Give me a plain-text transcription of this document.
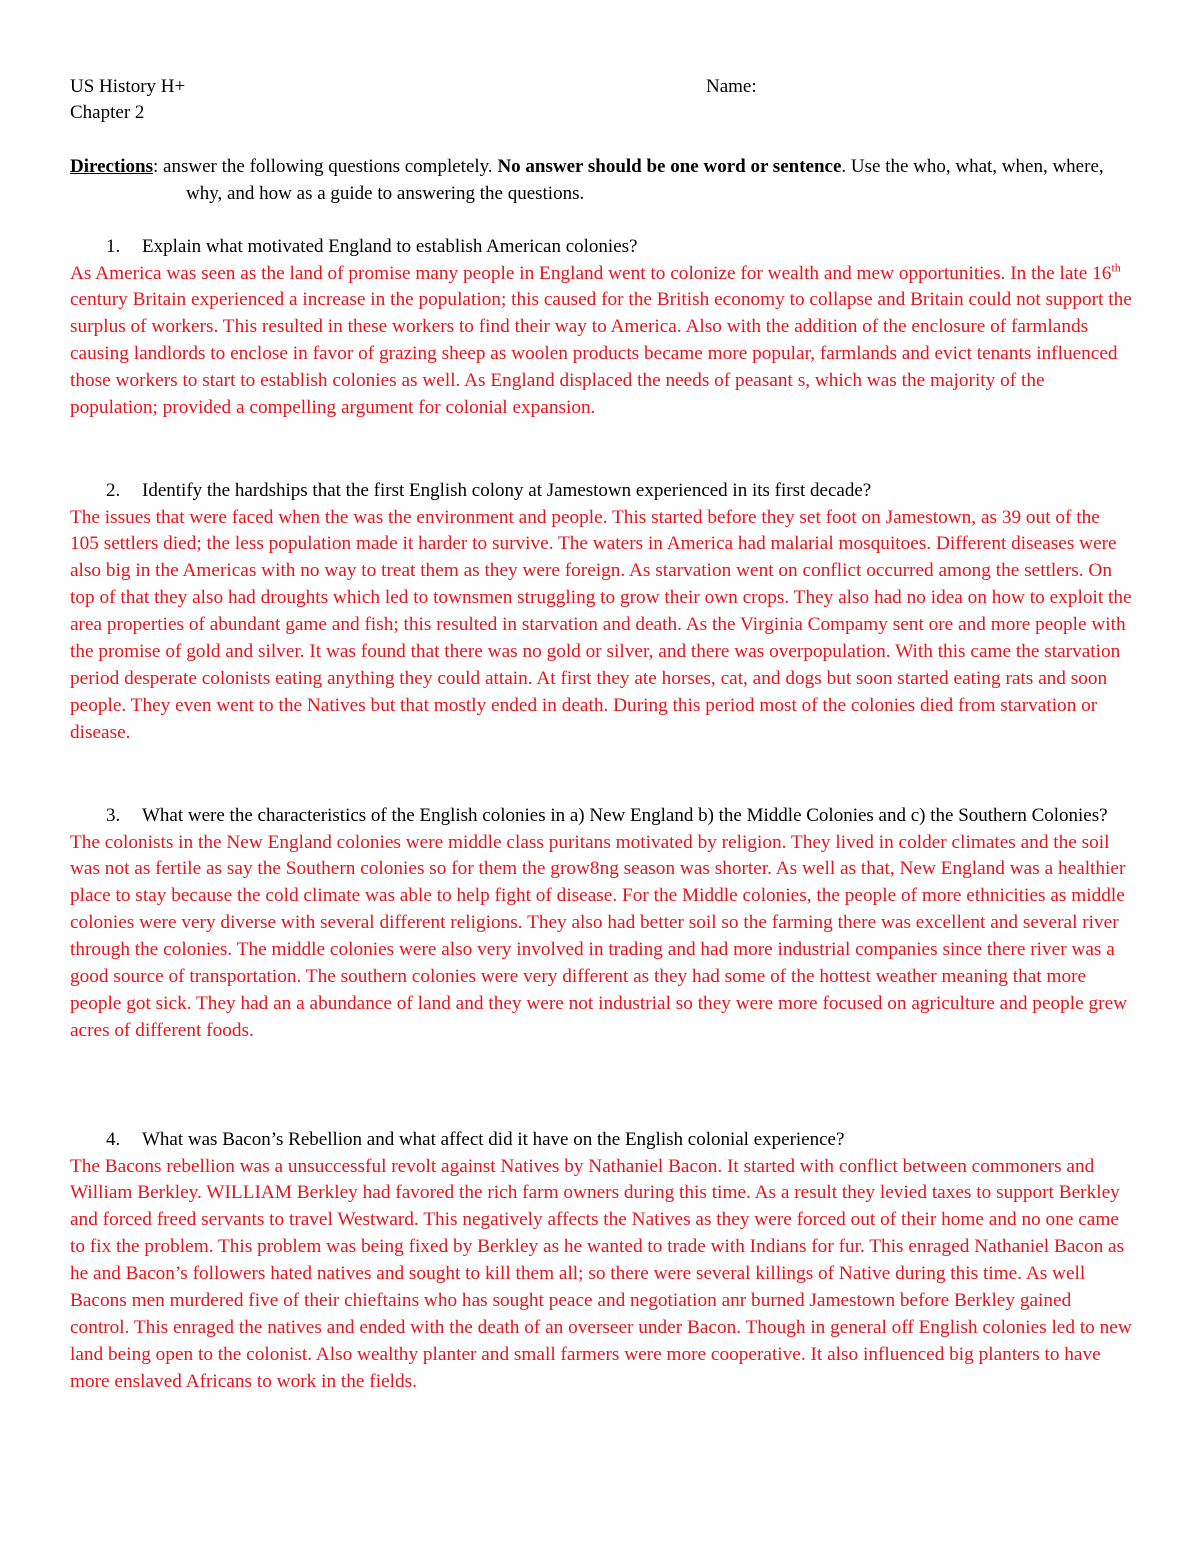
US History H+
Chapter 2
Name:
Directions: answer the following questions completely. No answer should be one word or sentence. Use the who, what, when, where, why, and how as a guide to answering the questions.
1. Explain what motivated England to establish American colonies?

As America was seen as the land of promise many people in England went to colonize for wealth and mew opportunities. In the late 16th century Britain experienced a increase in the population; this caused for the British economy to collapse and Britain could not support the surplus of workers. This resulted in these workers to find their way to America. Also with the addition of the enclosure of farmlands causing landlords to enclose in favor of grazing sheep as woolen products became more popular, farmlands and evict tenants influenced those workers to start to establish colonies as well. As England displaced the needs of peasant s, which was the majority of the population; provided a compelling argument for colonial expansion.

2. Identify the hardships that the first English colony at Jamestown experienced in its first decade?

The issues that were faced when the was the environment and people. This started before they set foot on Jamestown, as 39 out of the 105 settlers died; the less population made it harder to survive. The waters in America had malarial mosquitoes. Different diseases were also big in the Americas with no way to treat them as they were foreign. As starvation went on conflict occurred among the settlers. On top of that they also had droughts which led to townsmen struggling to grow their own crops. They also had no idea on how to exploit the area properties of abundant game and fish; this resulted in starvation and death. As the Virginia Compamy sent ore and more people with the promise of gold and silver. It was found that there was no gold or silver, and there was overpopulation. With this came the starvation period desperate colonists eating anything they could attain. At first they ate horses, cat, and dogs but soon started eating rats and soon people. They even went to the Natives but that mostly ended in death. During this period most of the colonies died from starvation or disease.

3. What were the characteristics of the English colonies in a) New England b) the Middle Colonies and c) the Southern Colonies?

The colonists in the New England colonies were middle class puritans motivated by religion. They lived in colder climates and the soil was not as fertile as say the Southern colonies so for them the grow8ng season was shorter. As well as that, New England was a healthier place to stay because the cold climate was able to help fight of disease. For the Middle colonies, the people of more ethnicities as middle colonies were very diverse with several different religions. They also had better soil so the farming there was excellent and several river through the colonies. The middle colonies were also very involved in trading and had more industrial companies since there river was a good source of transportation. The southern colonies were very different as they had some of the hottest weather meaning that more people got sick. They had an a abundance of land and they were not industrial so they were more focused on agriculture and people grew acres of different foods.

4. What was Bacon’s Rebellion and what affect did it have on the English colonial experience?

The Bacons rebellion was a unsuccessful revolt against Natives by Nathaniel Bacon. It started with conflict between commoners and William Berkley. WILLIAM Berkley had favored the rich farm owners during this time. As a result they levied taxes to support Berkley and forced freed servants to travel Westward. This negatively affects the Natives as they were forced out of their home and no one came to fix the problem. This problem was being fixed by Berkley as he wanted to trade with Indians for fur. This enraged Nathaniel Bacon as he and Bacon’s followers hated natives and sought to kill them all; so there were several killings of Native during this time. As well Bacons men murdered five of their chieftains who has sought peace and negotiation anr burned Jamestown before Berkley gained control. This enraged the natives and ended with the death of an overseer under Bacon. Though in general off English colonies led to new land being open to the colonist. Also wealthy planter and small farmers were more cooperative. It also influenced big planters to have more enslaved Africans to work in the fields.
